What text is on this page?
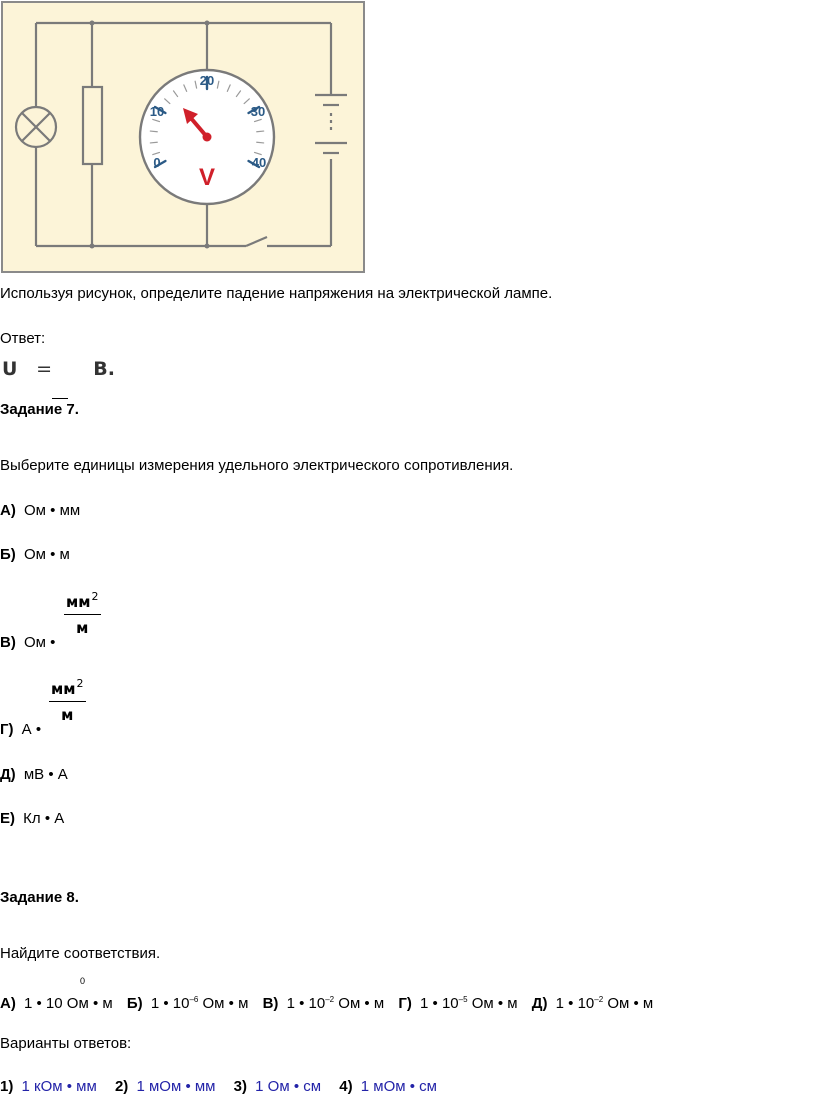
0
10
20
30
40
V
Используя рисунок, определите падение напряжения на электрической лампе.
Ответ:
U = В.
Задание 7.
Выберите единицы измерения удельного электрического сопротивления.
А) Ом • мм
Б) Ом • м
В) Ом •
$мм^2$
м
Г) А •
$мм^2$
м
Д) мВ • А
Е) Кл • А
Задание 8.
Найдите соответствия.
0
А) 1 • 10 Ом • м Б) 1 • $10^{-6}$ Ом • м В) 1 • $10^{-2}$ Ом • м Г) 1 • $10^{-5}$ Ом • м Д) 1 • $10^{-2}$ Ом • м
Варианты ответов:
1) 1 кОм • мм 2) 1 мОм • мм 3) 1 Ом • см 4) 1 мОм • см
